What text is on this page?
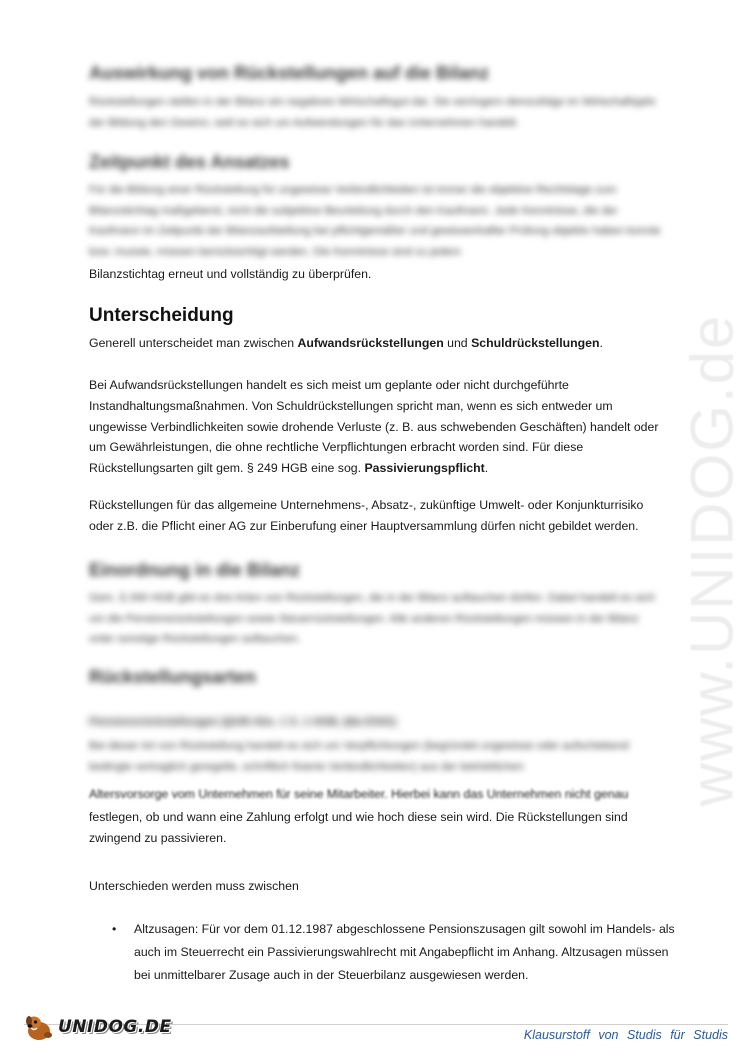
www.UNIDOG.de
Auswirkung von Rückstellungen auf die Bilanz

Rückstellungen stellen in der Bilanz ein negatives Wirtschaftsgut dar. Sie verringern demzufolge im Wirtschaftsjahr der Bildung den Gewinn, weil es sich um Aufwendungen für das Unternehmen handelt.

Zeitpunkt des Ansatzes

Für die Bildung einer Rückstellung für ungewisse Verbindlichkeiten ist immer die objektive Rechtslage zum Bilanzstichtag maßgebend, nicht die subjektive Beurteilung durch den Kaufmann. Jede Kenntnisse, die der Kaufmann im Zeitpunkt der Bilanzaufstellung bei pflichtgemäßer und gewissenhafter Prüfung objektiv haben konnte bzw. musste, müssen berücksichtigt werden. Die Kenntnisse sind zu jedem

Bilanzstichtag erneut und vollständig zu überprüfen.

Unterscheidung

Generell unterscheidet man zwischen Aufwandsrückstellungen und Schuldrückstellungen.

Bei Aufwandsrückstellungen handelt es sich meist um geplante oder nicht durchgeführte Instandhaltungsmaßnahmen. Von Schuldrückstellungen spricht man, wenn es sich entweder um ungewisse Verbindlichkeiten sowie drohende Verluste (z. B. aus schwebenden Geschäften) handelt oder um Gewährleistungen, die ohne rechtliche Verpflichtungen erbracht worden sind. Für diese Rückstellungsarten gilt gem. § 249 HGB eine sog. Passivierungspflicht.

Rückstellungen für das allgemeine Unternehmens-, Absatz-, zukünftige Umwelt- oder Konjunkturrisiko oder z.B. die Pflicht einer AG zur Einberufung einer Hauptversammlung dürfen nicht gebildet werden.

Einordnung in die Bilanz

Gem. § 266 HGB gibt es drei Arten von Rückstellungen, die in der Bilanz auftauchen dürfen. Dabei handelt es sich um die Pensionsrückstellungen sowie Steuerrückstellungen. Alle anderen Rückstellungen müssen in der Bilanz unter sonstige Rückstellungen auftauchen.

Rückstellungsarten

Pensionsrückstellungen (§249 Abs. 1 S. 1 HGB, §6a EStG)

Bei dieser Art von Rückstellung handelt es sich um Verpflichtungen (begründet ungewisse oder aufschiebend bedingte vertraglich geregelte, schriftlich fixierte Verbindlichkeiten) aus der betrieblichen

Altersvorsorge vom Unternehmen für seine Mitarbeiter. Hierbei kann das Unternehmen nicht genau

festlegen, ob und wann eine Zahlung erfolgt und wie hoch diese sein wird. Die Rückstellungen sind zwingend zu passivieren.

Unterschieden werden muss zwischen

• Altzusagen: Für vor dem 01.12.1987 abgeschlossene Pensionszusagen gilt sowohl im Handels- als auch im Steuerrecht ein Passivierungswahlrecht mit Angabepflicht im Anhang. Altzusagen müssen bei unmittelbarer Zusage auch in der Steuerbilanz ausgewiesen werden.
UNIDOG.DE	Klausurstoff von Studis für Studis
